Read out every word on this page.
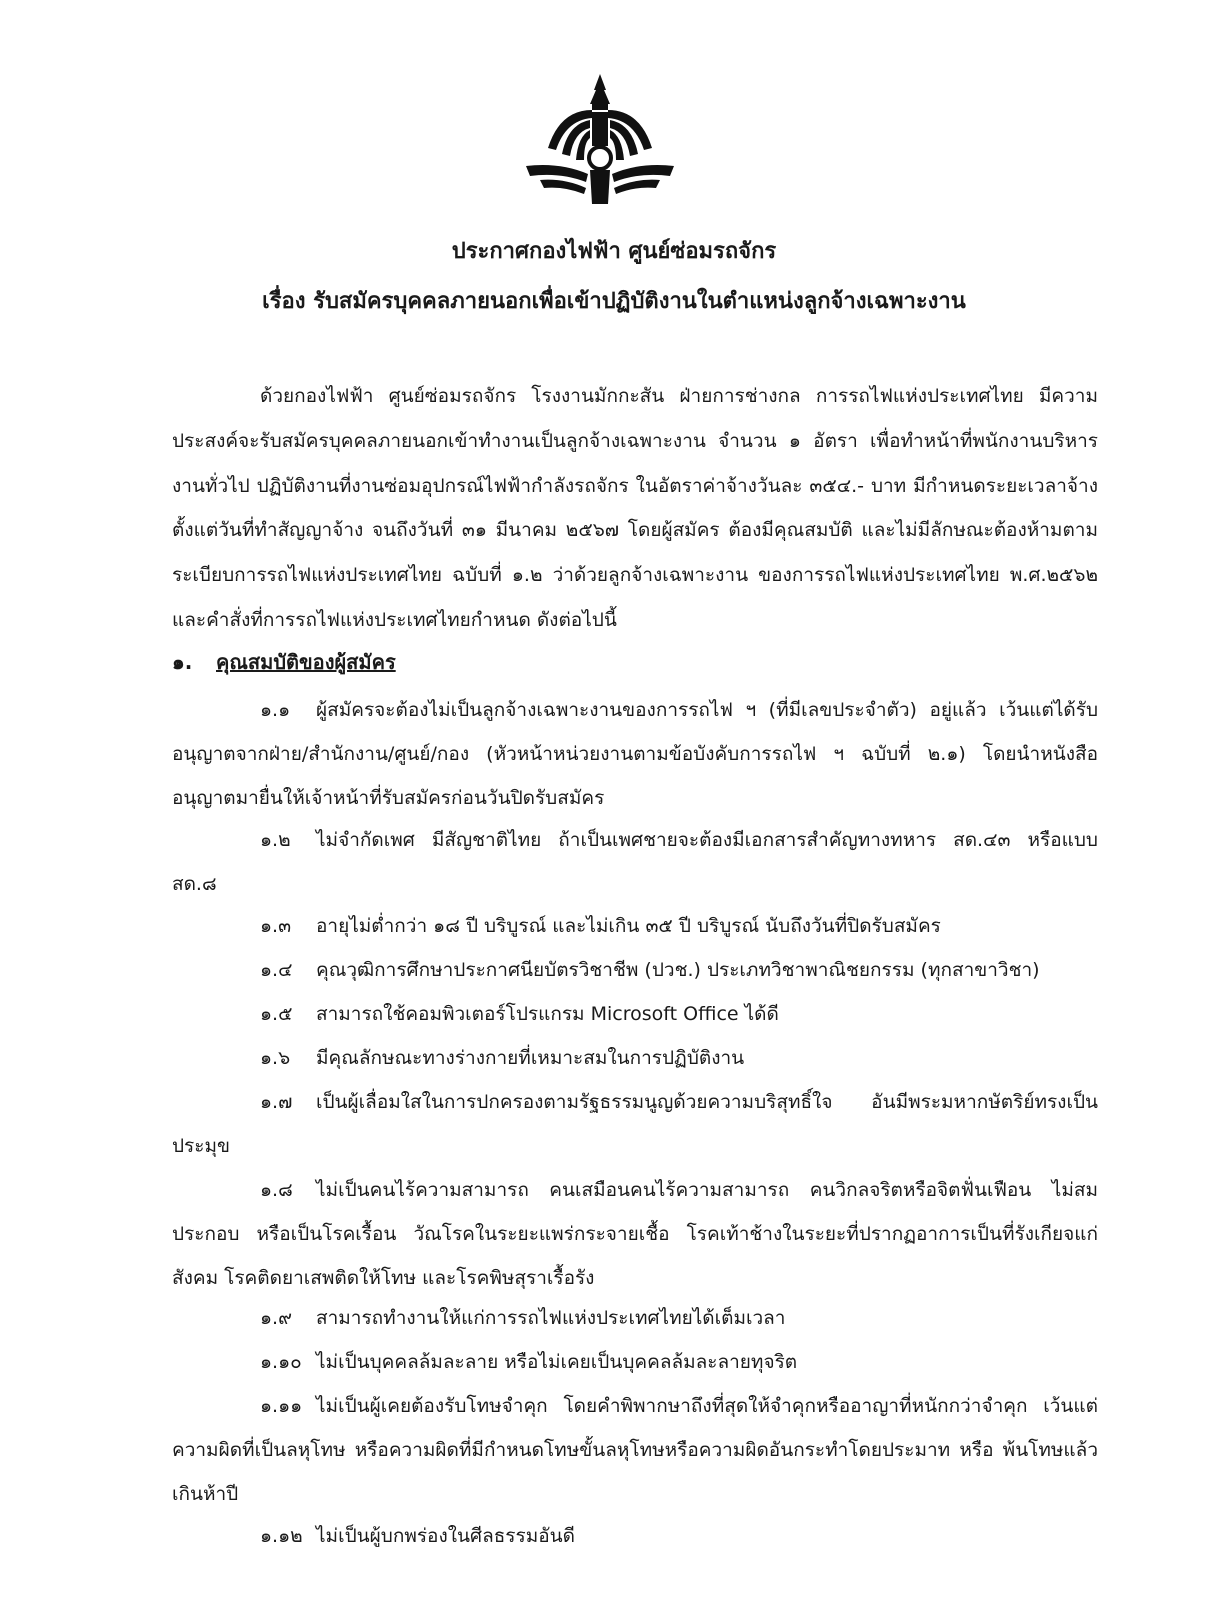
ประกาศกองไฟฟ้า ศูนย์ซ่อมรถจักร
เรื่อง รับสมัครบุคคลภายนอกเพื่อเข้าปฏิบัติงานในตำแหน่งลูกจ้างเฉพาะงาน

ด้วยกองไฟฟ้า ศูนย์ซ่อมรถจักร โรงงานมักกะสัน ฝ่ายการช่างกล การรถไฟแห่งประเทศไทย มีความประสงค์จะรับสมัครบุคคลภายนอกเข้าทำงานเป็นลูกจ้างเฉพาะงาน จำนวน ๑ อัตรา เพื่อทำหน้าที่พนักงานบริหารงานทั่วไป ปฏิบัติงานที่งานซ่อมอุปกรณ์ไฟฟ้ากำลังรถจักร ในอัตราค่าจ้างวันละ ๓๕๔.- บาท มีกำหนดระยะเวลาจ้าง ตั้งแต่วันที่ทำสัญญาจ้าง จนถึงวันที่ ๓๑ มีนาคม ๒๕๖๗ โดยผู้สมัคร ต้องมีคุณสมบัติ และไม่มีลักษณะต้องห้ามตามระเบียบการรถไฟแห่งประเทศไทย ฉบับที่ ๑.๒ ว่าด้วยลูกจ้างเฉพาะงาน ของการรถไฟแห่งประเทศไทย พ.ศ.๒๕๖๒ และคำสั่งที่การรถไฟแห่งประเทศไทยกำหนด ดังต่อไปนี้

๑. คุณสมบัติของผู้สมัคร

๑.๑ ผู้สมัครจะต้องไม่เป็นลูกจ้างเฉพาะงานของการรถไฟ ฯ (ที่มีเลขประจำตัว) อยู่แล้ว เว้นแต่ได้รับอนุญาตจากฝ่าย/สำนักงาน/ศูนย์/กอง (หัวหน้าหน่วยงานตามข้อบังคับการรถไฟ ฯ ฉบับที่ ๒.๑) โดยนำหนังสืออนุญาตมายื่นให้เจ้าหน้าที่รับสมัครก่อนวันปิดรับสมัคร

๑.๒ ไม่จำกัดเพศ มีสัญชาติไทย ถ้าเป็นเพศชายจะต้องมีเอกสารสำคัญทางทหาร สด.๔๓ หรือแบบสด.๘

๑.๓ อายุไม่ต่ำกว่า ๑๘ ปี บริบูรณ์ และไม่เกิน ๓๕ ปี บริบูรณ์ นับถึงวันที่ปิดรับสมัคร

๑.๔ คุณวุฒิการศึกษาประกาศนียบัตรวิชาชีพ (ปวช.) ประเภทวิชาพาณิชยกรรม (ทุกสาขาวิชา)

๑.๕ สามารถใช้คอมพิวเตอร์โปรแกรม Microsoft Office ได้ดี

๑.๖ มีคุณลักษณะทางร่างกายที่เหมาะสมในการปฏิบัติงาน

๑.๗ เป็นผู้เลื่อมใสในการปกครองตามรัฐธรรมนูญด้วยความบริสุทธิ์ใจ อันมีพระมหากษัตริย์ทรงเป็นประมุข

๑.๘ ไม่เป็นคนไร้ความสามารถ คนเสมือนคนไร้ความสามารถ คนวิกลจริตหรือจิตฟั่นเฟือน ไม่สมประกอบ หรือเป็นโรคเรื้อน วัณโรคในระยะแพร่กระจายเชื้อ โรคเท้าช้างในระยะที่ปรากฏอาการเป็นที่รังเกียจแก่สังคม โรคติดยาเสพติดให้โทษ และโรคพิษสุราเรื้อรัง

๑.๙ สามารถทำงานให้แก่การรถไฟแห่งประเทศไทยได้เต็มเวลา

๑.๑๐ ไม่เป็นบุคคลล้มละลาย หรือไม่เคยเป็นบุคคลล้มละลายทุจริต

๑.๑๑ ไม่เป็นผู้เคยต้องรับโทษจำคุก โดยคำพิพากษาถึงที่สุดให้จำคุกหรืออาญาที่หนักกว่าจำคุก เว้นแต่ความผิดที่เป็นลหุโทษ หรือความผิดที่มีกำหนดโทษขั้นลหุโทษหรือความผิดอันกระทำโดยประมาท หรือ พ้นโทษแล้วเกินห้าปี

๑.๑๒ ไม่เป็นผู้บกพร่องในศีลธรรมอันดี
